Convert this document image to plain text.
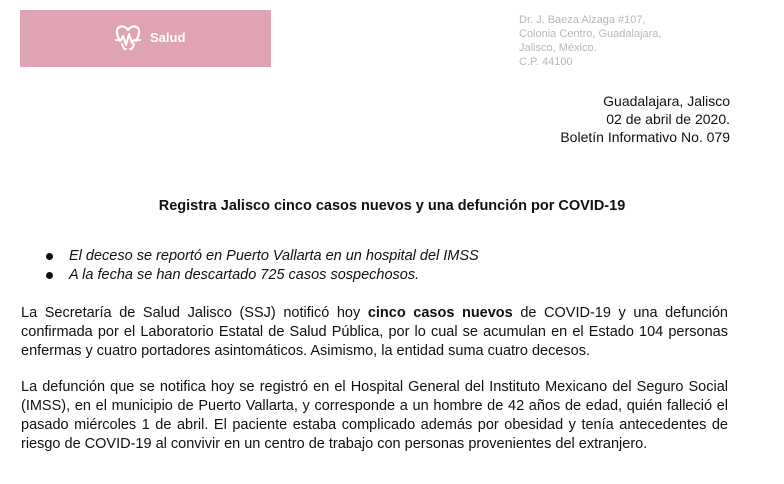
Salud
Dr. J. Baeza Alzaga #107,
Colonia Centro, Guadalajara,
Jalisco, México.
C.P. 44100
Guadalajara, Jalisco
02 de abril de 2020.
Boletín Informativo No. 079
Registra Jalisco cinco casos nuevos y una defunción por COVID-19
El deceso se reportó en Puerto Vallarta en un hospital del IMSS
A la fecha se han descartado 725 casos sospechosos.

La Secretaría de Salud Jalisco (SSJ) notificó hoy cinco casos nuevos de COVID-19 y una defunción confirmada por el Laboratorio Estatal de Salud Pública, por lo cual se acumulan en el Estado 104 personas enfermas y cuatro portadores asintomáticos. Asimismo, la entidad suma cuatro decesos.

La defunción que se notifica hoy se registró en el Hospital General del Instituto Mexicano del Seguro Social (IMSS), en el municipio de Puerto Vallarta, y corresponde a un hombre de 42 años de edad, quién falleció el pasado miércoles 1 de abril. El paciente estaba complicado además por obesidad y tenía antecedentes de riesgo de COVID-19 al convivir en un centro de trabajo con personas provenientes del extranjero.
